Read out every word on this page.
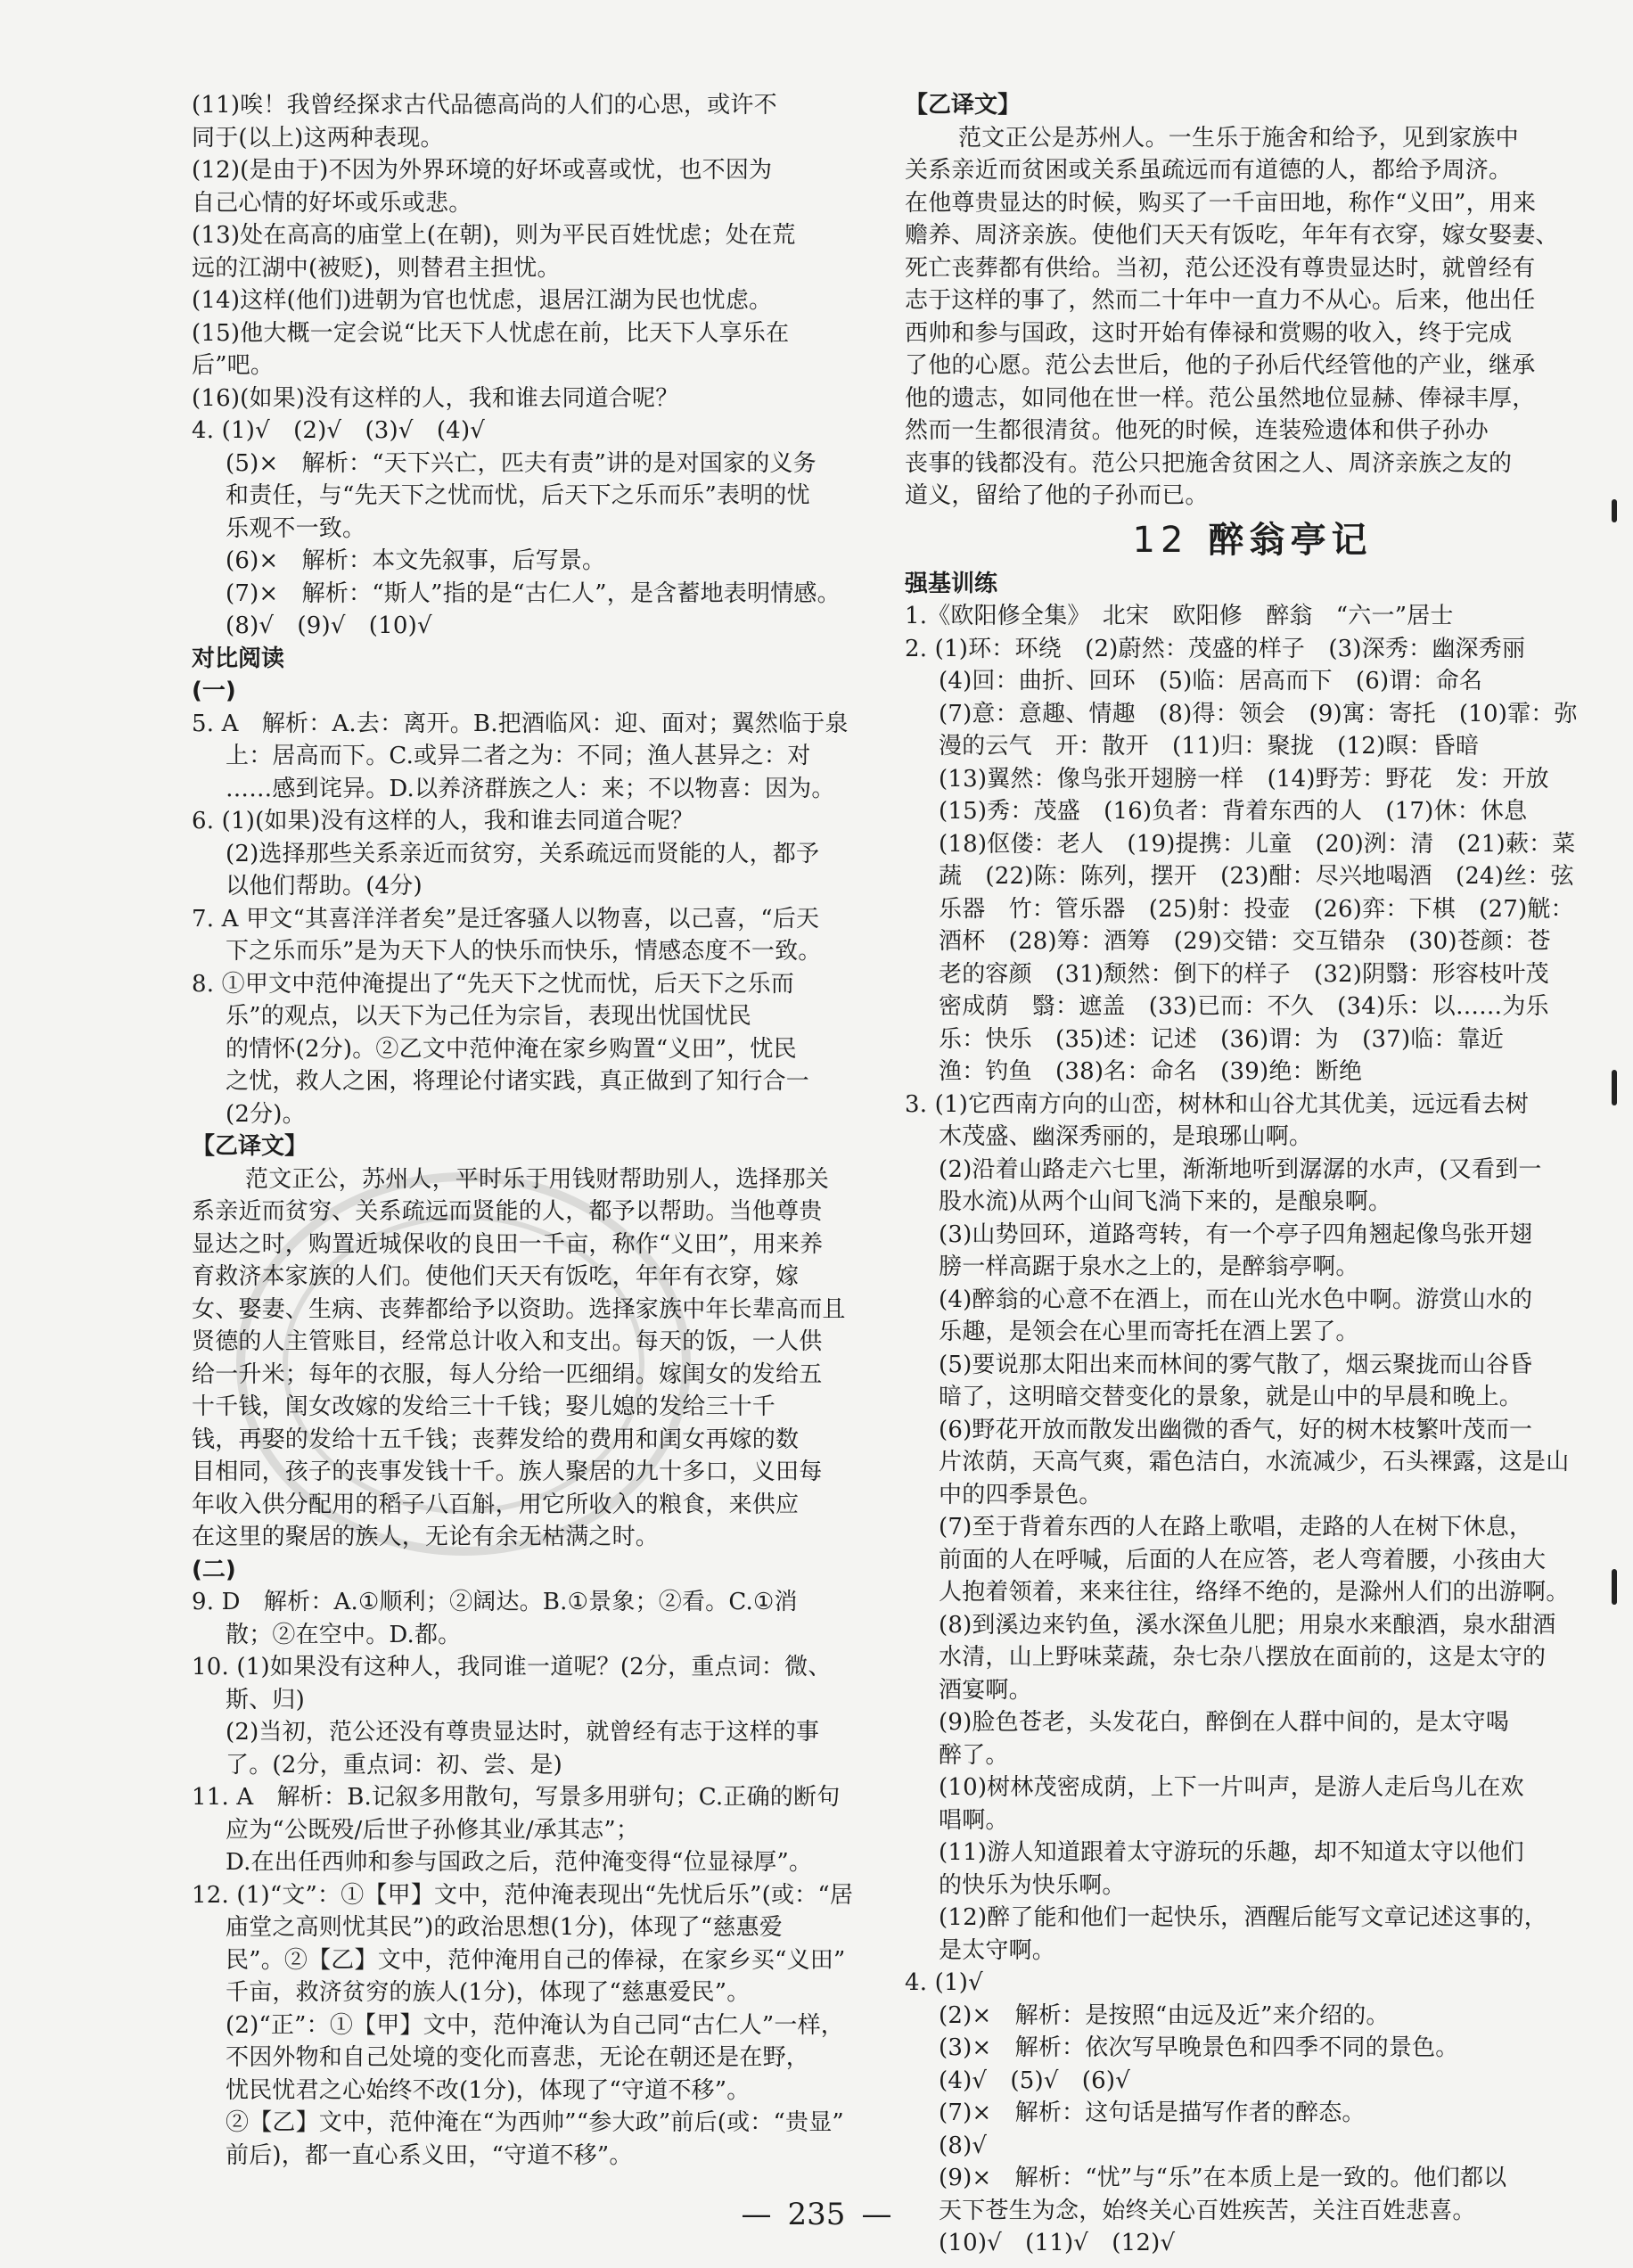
(11)唉！我曾经探求古代品德高尚的人们的心思，或许不
同于(以上)这两种表现。
(12)(是由于)不因为外界环境的好坏或喜或忧，也不因为
自己心情的好坏或乐或悲。
(13)处在高高的庙堂上(在朝)，则为平民百姓忧虑；处在荒
远的江湖中(被贬)，则替君主担忧。
(14)这样(他们)进朝为官也忧虑，退居江湖为民也忧虑。
(15)他大概一定会说“比天下人忧虑在前，比天下人享乐在
后”吧。
(16)(如果)没有这样的人，我和谁去同道合呢？
4. (1)√　(2)√　(3)√　(4)√
(5)×　解析：“天下兴亡，匹夫有责”讲的是对国家的义务
和责任，与“先天下之忧而忧，后天下之乐而乐”表明的忧
乐观不一致。
(6)×　解析：本文先叙事，后写景。
(7)×　解析：“斯人”指的是“古仁人”，是含蓄地表明情感。
(8)√　(9)√　(10)√
对比阅读
(一)
5. A　解析：A.去：离开。B.把酒临风：迎、面对；翼然临于泉
上：居高而下。C.或异二者之为：不同；渔人甚异之：对
……感到诧异。D.以养济群族之人：来；不以物喜：因为。
6. (1)(如果)没有这样的人，我和谁去同道合呢？
(2)选择那些关系亲近而贫穷，关系疏远而贤能的人，都予
以他们帮助。(4分)
7. A 甲文“其喜洋洋者矣”是迁客骚人以物喜，以己喜，“后天
下之乐而乐”是为天下人的快乐而快乐，情感态度不一致。
8. ①甲文中范仲淹提出了“先天下之忧而忧，后天下之乐而
乐”的观点，以天下为己任为宗旨，表现出忧国忧民
的情怀(2分)。②乙文中范仲淹在家乡购置“义田”，忧民
之忧，救人之困，将理论付诸实践，真正做到了知行合一
(2分)。
【乙译文】
范文正公，苏州人，平时乐于用钱财帮助别人，选择那关
系亲近而贫穷、关系疏远而贤能的人，都予以帮助。当他尊贵
显达之时，购置近城保收的良田一千亩，称作“义田”，用来养
育救济本家族的人们。使他们天天有饭吃，年年有衣穿，嫁
女、娶妻、生病、丧葬都给予以资助。选择家族中年长辈高而且
贤德的人主管账目，经常总计收入和支出。每天的饭，一人供
给一升米；每年的衣服，每人分给一匹细绢。嫁闺女的发给五
十千钱，闺女改嫁的发给三十千钱；娶儿媳的发给三十千
钱，再娶的发给十五千钱；丧葬发给的费用和闺女再嫁的数
目相同，孩子的丧事发钱十千。族人聚居的九十多口，义田每
年收入供分配用的稻子八百斛，用它所收入的粮食，来供应
在这里的聚居的族人，无论有余无枯满之时。
(二)
9. D　解析：A.①顺利；②阔达。B.①景象；②看。C.①消
散；②在空中。D.都。
10. (1)如果没有这种人，我同谁一道呢？(2分，重点词：微、
斯、归)
(2)当初，范公还没有尊贵显达时，就曾经有志于这样的事
了。(2分，重点词：初、尝、是)
11. A　解析：B.记叙多用散句，写景多用骈句；C.正确的断句
应为“公既殁/后世子孙修其业/承其志”；
D.在出任西帅和参与国政之后，范仲淹变得“位显禄厚”。
12. (1)“文”：①【甲】文中，范仲淹表现出“先忧后乐”(或：“居
庙堂之高则忧其民”)的政治思想(1分)，体现了“慈惠爱
民”。②【乙】文中，范仲淹用自己的俸禄，在家乡买“义田”
千亩，救济贫穷的族人(1分)，体现了“慈惠爱民”。
(2)“正”：①【甲】文中，范仲淹认为自己同“古仁人”一样，
不因外物和自己处境的变化而喜悲，无论在朝还是在野，
忧民忧君之心始终不改(1分)，体现了“守道不移”。
②【乙】文中，范仲淹在“为西帅”“参大政”前后(或：“贵显”
前后)，都一直心系义田，“守道不移”。
【乙译文】
范文正公是苏州人。一生乐于施舍和给予，见到家族中
关系亲近而贫困或关系虽疏远而有道德的人，都给予周济。
在他尊贵显达的时候，购买了一千亩田地，称作“义田”，用来
赡养、周济亲族。使他们天天有饭吃，年年有衣穿，嫁女娶妻、
死亡丧葬都有供给。当初，范公还没有尊贵显达时，就曾经有
志于这样的事了，然而二十年中一直力不从心。后来，他出任
西帅和参与国政，这时开始有俸禄和赏赐的收入，终于完成
了他的心愿。范公去世后，他的子孙后代经管他的产业，继承
他的遗志，如同他在世一样。范公虽然地位显赫、俸禄丰厚，
然而一生都很清贫。他死的时候，连装殓遗体和供子孙办
丧事的钱都没有。范公只把施舍贫困之人、周济亲族之友的
道义，留给了他的子孙而已。
12 醉翁亭记
强基训练
1.《欧阳修全集》　北宋　欧阳修　醉翁　“六一”居士
2. (1)环：环绕　(2)蔚然：茂盛的样子　(3)深秀：幽深秀丽
(4)回：曲折、回环　(5)临：居高而下　(6)谓：命名
(7)意：意趣、情趣　(8)得：领会　(9)寓：寄托　(10)霏：弥
漫的云气　开：散开　(11)归：聚拢　(12)暝：昏暗
(13)翼然：像鸟张开翅膀一样　(14)野芳：野花　发：开放
(15)秀：茂盛　(16)负者：背着东西的人　(17)休：休息
(18)伛偻：老人　(19)提携：儿童　(20)洌：清　(21)蔌：菜
蔬　(22)陈：陈列，摆开　(23)酣：尽兴地喝酒　(24)丝：弦
乐器　竹：管乐器　(25)射：投壶　(26)弈：下棋　(27)觥：
酒杯　(28)筹：酒筹　(29)交错：交互错杂　(30)苍颜：苍
老的容颜　(31)颓然：倒下的样子　(32)阴翳：形容枝叶茂
密成荫　翳：遮盖　(33)已而：不久　(34)乐：以……为乐
乐：快乐　(35)述：记述　(36)谓：为　(37)临：靠近
渔：钓鱼　(38)名：命名　(39)绝：断绝
3. (1)它西南方向的山峦，树林和山谷尤其优美，远远看去树
木茂盛、幽深秀丽的，是琅琊山啊。
(2)沿着山路走六七里，渐渐地听到潺潺的水声，(又看到一
股水流)从两个山间飞淌下来的，是酿泉啊。
(3)山势回环，道路弯转，有一个亭子四角翘起像鸟张开翅
膀一样高踞于泉水之上的，是醉翁亭啊。
(4)醉翁的心意不在酒上，而在山光水色中啊。游赏山水的
乐趣，是领会在心里而寄托在酒上罢了。
(5)要说那太阳出来而林间的雾气散了，烟云聚拢而山谷昏
暗了，这明暗交替变化的景象，就是山中的早晨和晚上。
(6)野花开放而散发出幽微的香气，好的树木枝繁叶茂而一
片浓荫，天高气爽，霜色洁白，水流减少，石头裸露，这是山
中的四季景色。
(7)至于背着东西的人在路上歌唱，走路的人在树下休息，
前面的人在呼喊，后面的人在应答，老人弯着腰，小孩由大
人抱着领着，来来往往，络绎不绝的，是滁州人们的出游啊。
(8)到溪边来钓鱼，溪水深鱼儿肥；用泉水来酿酒，泉水甜酒
水清，山上野味菜蔬，杂七杂八摆放在面前的，这是太守的
酒宴啊。
(9)脸色苍老，头发花白，醉倒在人群中间的，是太守喝
醉了。
(10)树林茂密成荫，上下一片叫声，是游人走后鸟儿在欢
唱啊。
(11)游人知道跟着太守游玩的乐趣，却不知道太守以他们
的快乐为快乐啊。
(12)醉了能和他们一起快乐，酒醒后能写文章记述这事的，
是太守啊。
4. (1)√
(2)×　解析：是按照“由远及近”来介绍的。
(3)×　解析：依次写早晚景色和四季不同的景色。
(4)√　(5)√　(6)√
(7)×　解析：这句话是描写作者的醉态。
(8)√
(9)×　解析：“忧”与“乐”在本质上是一致的。他们都以
天下苍生为念，始终关心百姓疾苦，关注百姓悲喜。
(10)√　(11)√　(12)√
— 235 —
